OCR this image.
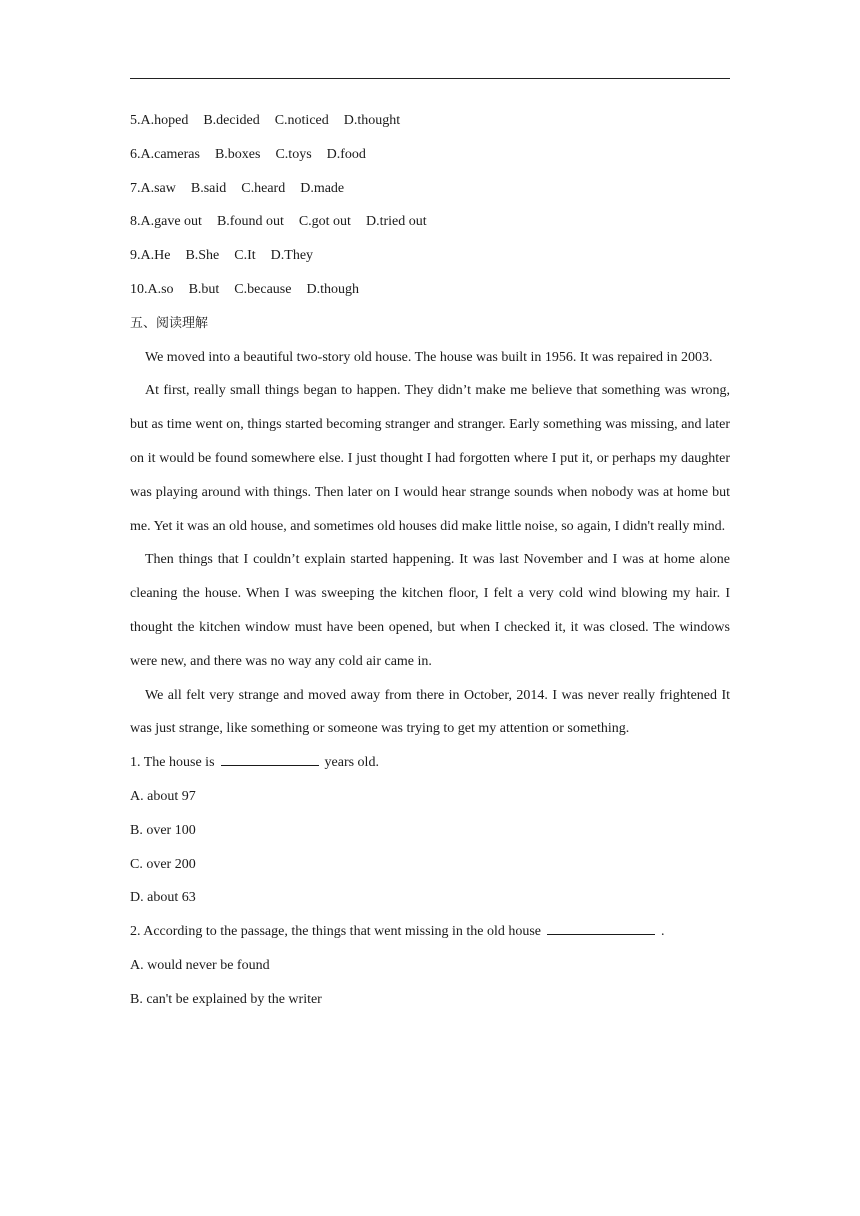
5.A.hoped B.decided C.noticed D.thought
6.A.cameras B.boxes C.toys D.food
7.A.saw B.said C.heard D.made
8.A.gave out B.found out C.got out D.tried out
9.A.He B.She C.It D.They
10.A.so B.but C.because D.though
五、阅读理解

We moved into a beautiful two-story old house. The house was built in 1956. It was repaired in 2003.

At first, really small things began to happen. They didn’t make me believe that something was wrong, but as time went on, things started becoming stranger and stranger. Early something was missing, and later on it would be found somewhere else. I just thought I had forgotten where I put it, or perhaps my daughter was playing around with things. Then later on I would hear strange sounds when nobody was at home but me. Yet it was an old house, and sometimes old houses did make little noise, so again, I didn't really mind.

Then things that I couldn’t explain started happening. It was last November and I was at home alone cleaning the house. When I was sweeping the kitchen floor, I felt a very cold wind blowing my hair. I thought the kitchen window must have been opened, but when I checked it, it was closed. The windows were new, and there was no way any cold air came in.

We all felt very strange and moved away from there in October, 2014. I was never really frightened It was just strange, like something or someone was trying to get my attention or something.

1. The house is	years old.
A. about 97
B. over 100
C. over 200
D. about 63
2. According to the passage, the things that went missing in the old house	.
A. would never be found
B. can't be explained by the writer
